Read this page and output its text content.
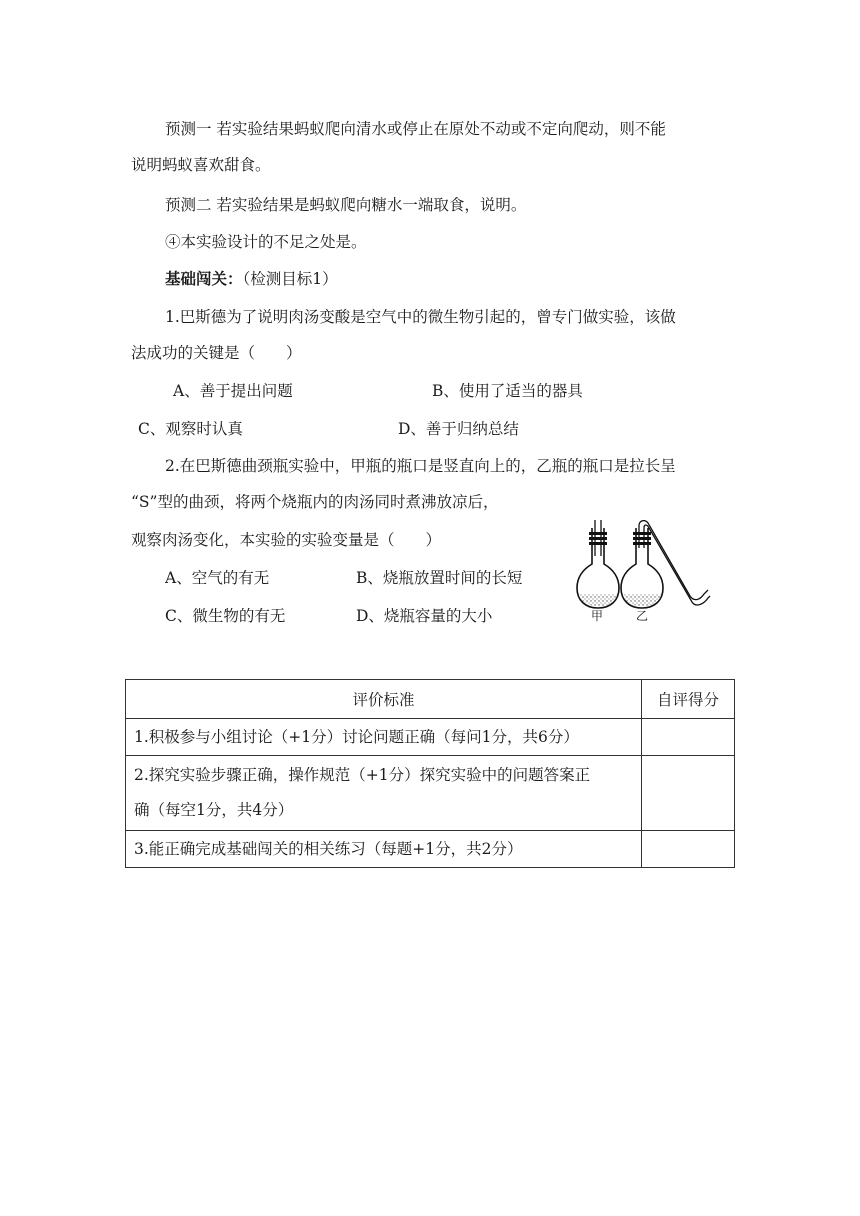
预测一 若实验结果蚂蚁爬向清水或停止在原处不动或不定向爬动，则不能
说明蚂蚁喜欢甜食。
预测二 若实验结果是蚂蚁爬向糖水一端取食，说明。
④本实验设计的不足之处是。
基础闯关：（检测目标1）
1.巴斯德为了说明肉汤变酸是空气中的微生物引起的，曾专门做实验，该做
法成功的关键是（　　）
A、善于提出问题	B、使用了适当的器具
C、观察时认真	D、善于归纳总结
2.在巴斯德曲颈瓶实验中，甲瓶的瓶口是竖直向上的，乙瓶的瓶口是拉长呈
“S”型的曲颈，将两个烧瓶内的肉汤同时煮沸放凉后，
观察肉汤变化，本实验的实验变量是（　　）
A、空气的有无	B、烧瓶放置时间的长短
C、微生物的有无	D、烧瓶容量的大小	甲	乙
评价标准	自评得分
1.积极参与小组讨论（+1分）讨论问题正确（每问1分，共6分）	

2.探究实验步骤正确，操作规范（+1分）探究实验中的问题答案正
确（每空1分，共4分）	

3.能正确完成基础闯关的相关练习（每题+1分，共2分）	
